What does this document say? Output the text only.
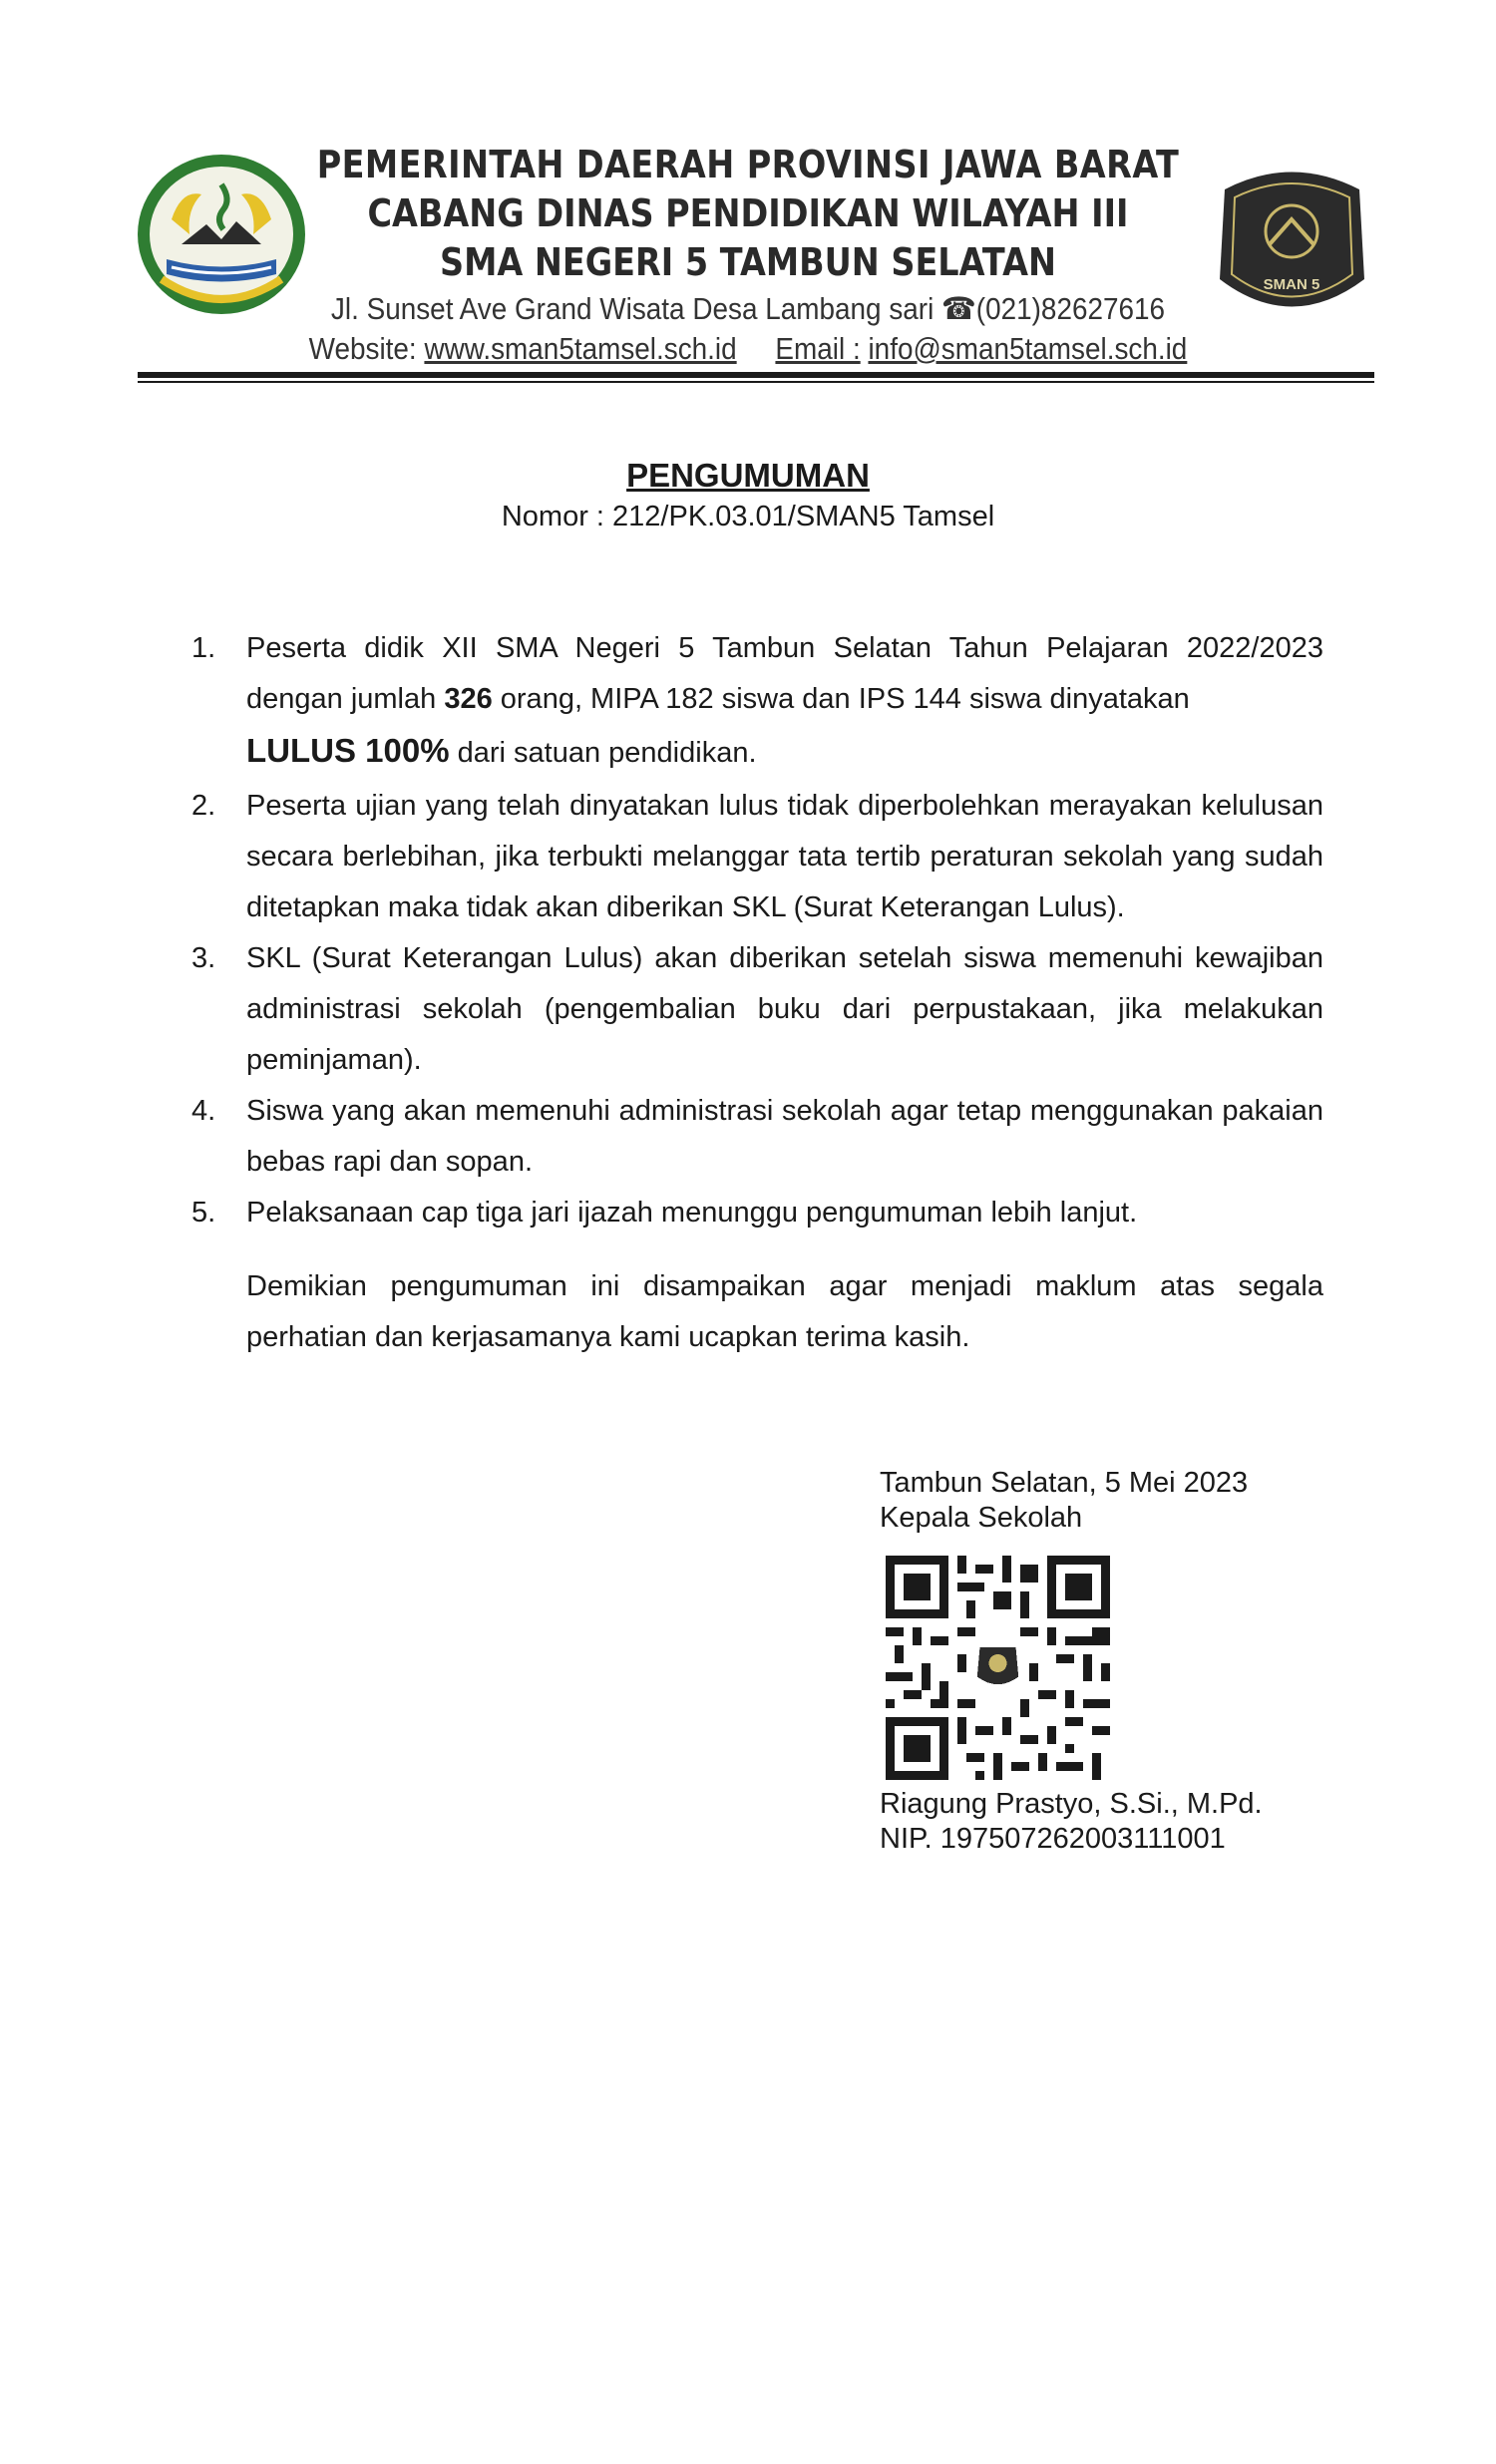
PEMERINTAH DAERAH PROVINSI JAWA BARAT
CABANG DINAS PENDIDIKAN WILAYAH III
SMA NEGERI 5 TAMBUN SELATAN
Jl. Sunset Ave Grand Wisata Desa Lambang sari ☎(021)82627616
Website: www.sman5tamsel.sch.id Email : info@sman5tamsel.sch.id
SMAN 5
PENGUMUMAN
Nomor : 212/PK.03.01/SMAN5 Tamsel
1. Peserta didik XII SMA Negeri 5 Tambun Selatan Tahun Pelajaran 2022/2023 dengan jumlah 326 orang, MIPA 182 siswa dan IPS 144 siswa dinyatakan
LULUS 100% dari satuan pendidikan.
2. Peserta ujian yang telah dinyatakan lulus tidak diperbolehkan merayakan kelulusan secara berlebihan, jika terbukti melanggar tata tertib peraturan sekolah yang sudah ditetapkan maka tidak akan diberikan SKL (Surat Keterangan Lulus).
3. SKL (Surat Keterangan Lulus) akan diberikan setelah siswa memenuhi kewajiban administrasi sekolah (pengembalian buku dari perpustakaan, jika melakukan peminjaman).
4. Siswa yang akan memenuhi administrasi sekolah agar tetap menggunakan pakaian bebas rapi dan sopan.
5. Pelaksanaan cap tiga jari ijazah menunggu pengumuman lebih lanjut.
Demikian pengumuman ini disampaikan agar menjadi maklum atas segala perhatian dan kerjasamanya kami ucapkan terima kasih.
Tambun Selatan, 5 Mei 2023
Kepala Sekolah
Riagung Prastyo, S.Si., M.Pd.
NIP. 197507262003111001
